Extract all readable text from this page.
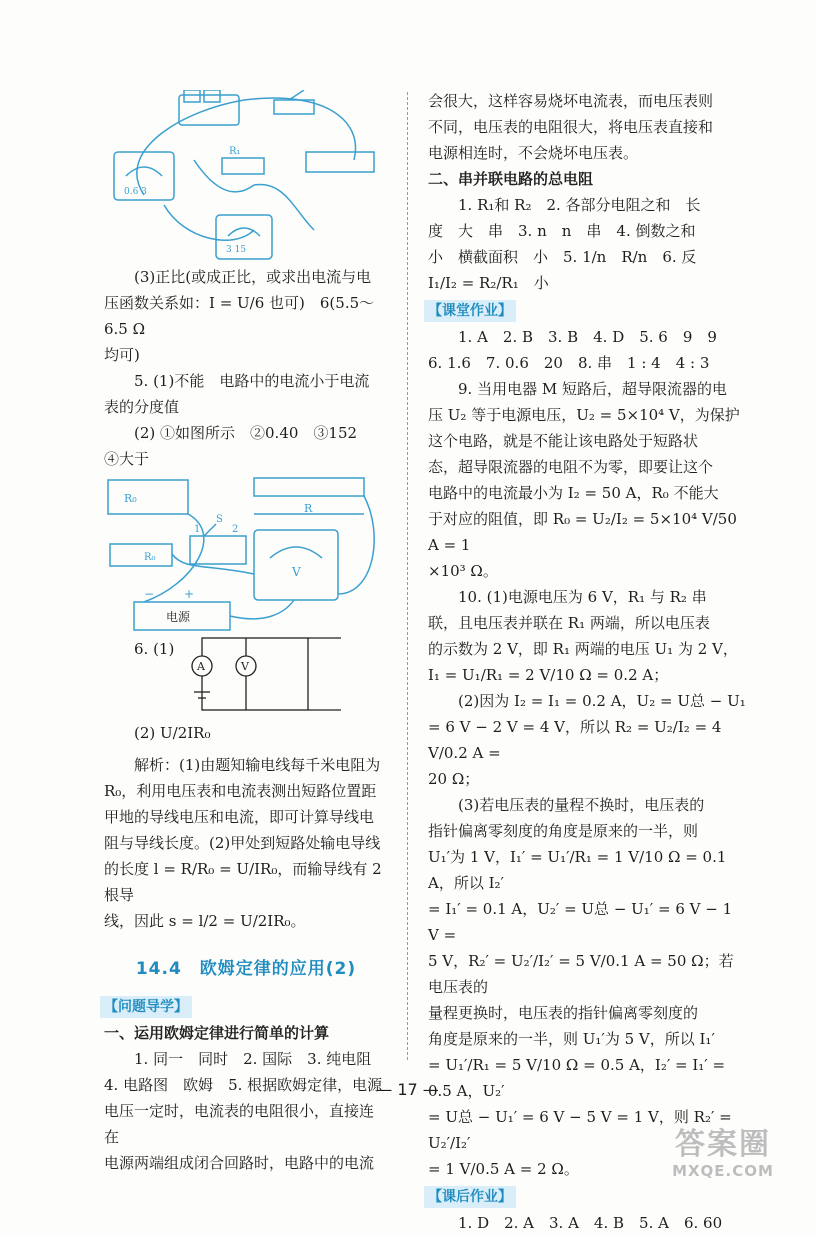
R₁
0.6 3
3 15

(3)正比(或成正比，或求出电流与电

压函数关系如：I = U/6 也可)　6(5.5～6.5 Ω

均可)

5. (1)不能　电路中的电流小于电流

表的分度值

(2) ①如图所示　②0.40　③152

④大于

R₀
R
V
R₀
S
1	2
− +
电源

6. (1)

A	V

(2) U/2IR₀

解析：(1)由题知输电线每千米电阻为

R₀，利用电压表和电流表测出短路位置距

甲地的导线电压和电流，即可计算导线电

阻与导线长度。(2)甲处到短路处输电导线

的长度 l = R/R₀ = U/IR₀，而输导线有 2 根导

线，因此 s = l/2 = U/2IR₀。

14.4　欧姆定律的应用(2)
【问题导学】

一、运用欧姆定律进行简单的计算

1. 同一　同时　2. 国际　3. 纯电阻

4. 电路图　欧姆　5. 根据欧姆定律，电源

电压一定时，电流表的电阻很小，直接连在

电源两端组成闭合回路时，电路中的电流

会很大，这样容易烧坏电流表，而电压表则

不同，电压表的电阻很大，将电压表直接和

电源相连时，不会烧坏电压表。

二、串并联电路的总电阻

1. R₁和 R₂　2. 各部分电阻之和　长

度　大　串　3. n　n　串　4. 倒数之和

小　横截面积　小　5. 1/n　R/n　6. 反

I₁/I₂ = R₂/R₁　小

【课堂作业】

1. A　2. B　3. B　4. D　5. 6　9　9

6. 1.6　7. 0.6　20　8. 串　1 : 4　4 : 3

9. 当用电器 M 短路后，超导限流器的电

压 U₂ 等于电源电压，U₂ = 5×10⁴ V，为保护

这个电路，就是不能让该电路处于短路状

态，超导限流器的电阻不为零，即要让这个

电路中的电流最小为 I₂ = 50 A，R₀ 不能大

于对应的阻值，即 R₀ = U₂/I₂ = 5×10⁴ V/50 A = 1

×10³ Ω。

10. (1)电源电压为 6 V，R₁ 与 R₂ 串

联，且电压表并联在 R₁ 两端，所以电压表

的示数为 2 V，即 R₁ 两端的电压 U₁ 为 2 V，

I₁ = U₁/R₁ = 2 V/10 Ω = 0.2 A；

(2)因为 I₂ = I₁ = 0.2 A，U₂ = U总 − U₁

= 6 V − 2 V = 4 V，所以 R₂ = U₂/I₂ = 4 V/0.2 A =

20 Ω；

(3)若电压表的量程不换时，电压表的

指针偏离零刻度的角度是原来的一半，则

U₁′为 1 V，I₁′ = U₁′/R₁ = 1 V/10 Ω = 0.1 A，所以 I₂′

= I₁′ = 0.1 A，U₂′ = U总 − U₁′ = 6 V − 1 V =

5 V，R₂′ = U₂′/I₂′ = 5 V/0.1 A = 50 Ω；若电压表的

量程更换时，电压表的指针偏离零刻度的

角度是原来的一半，则 U₁′为 5 V，所以 I₁′

= U₁′/R₁ = 5 V/10 Ω = 0.5 A，I₂′ = I₁′ = 0.5 A，U₂′

= U总 − U₁′ = 6 V − 5 V = 1 V，则 R₂′ = U₂′/I₂′

= 1 V/0.5 A = 2 Ω。

【课后作业】

1. D　2. A　3. A　4. B　5. A　6. 60

— 17 —
答案圈
MXQE.COM
